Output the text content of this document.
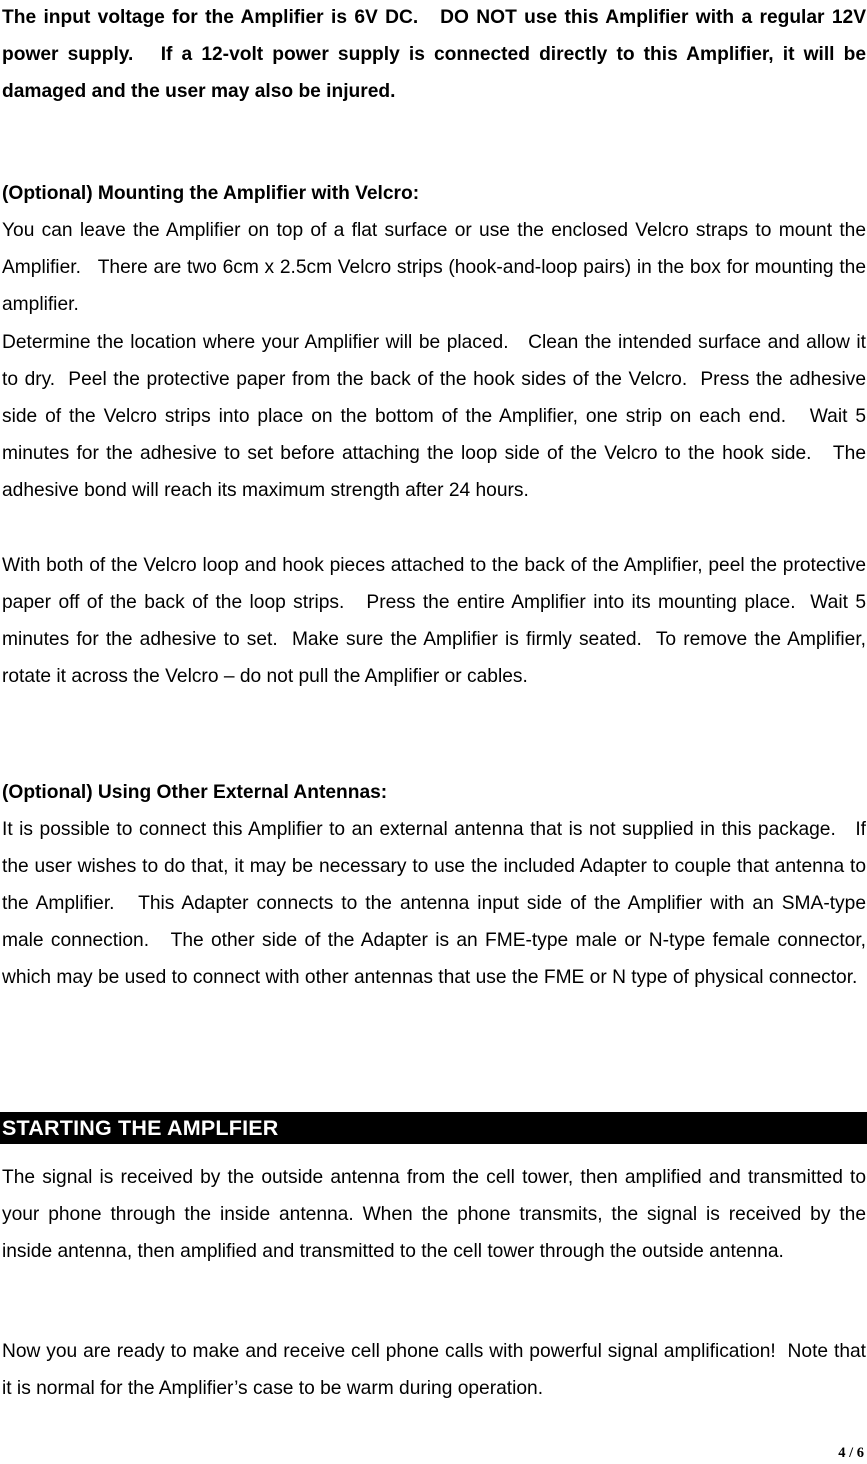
The input voltage for the Amplifier is 6V DC.   DO NOT use this Amplifier with a regular 12V power supply.   If a 12-volt power supply is connected directly to this Amplifier, it will be damaged and the user may also be injured.

(Optional) Mounting the Amplifier with Velcro:

You can leave the Amplifier on top of a flat surface or use the enclosed Velcro straps to mount the Amplifier.   There are two 6cm x 2.5cm Velcro strips (hook-and-loop pairs) in the box for mounting the amplifier.

Determine the location where your Amplifier will be placed.   Clean the intended surface and allow it to dry.  Peel the protective paper from the back of the hook sides of the Velcro.  Press the adhesive side of the Velcro strips into place on the bottom of the Amplifier, one strip on each end.   Wait 5 minutes for the adhesive to set before attaching the loop side of the Velcro to the hook side.   The adhesive bond will reach its maximum strength after 24 hours.

With both of the Velcro loop and hook pieces attached to the back of the Amplifier, peel the protective paper off of the back of the loop strips.   Press the entire Amplifier into its mounting place.  Wait 5 minutes for the adhesive to set.  Make sure the Amplifier is firmly seated.  To remove the Amplifier, rotate it across the Velcro – do not pull the Amplifier or cables.

(Optional) Using Other External Antennas:

It is possible to connect this Amplifier to an external antenna that is not supplied in this package.   If the user wishes to do that, it may be necessary to use the included Adapter to couple that antenna to the Amplifier.   This Adapter connects to the antenna input side of the Amplifier with an SMA-type male connection.   The other side of the Adapter is an FME-type male or N-type female connector, which may be used to connect with other antennas that use the FME or N type of physical connector.

STARTING THE AMPLFIER

The signal is received by the outside antenna from the cell tower, then amplified and transmitted to your phone through the inside antenna. When the phone transmits, the signal is received by the inside antenna, then amplified and transmitted to the cell tower through the outside antenna.

Now you are ready to make and receive cell phone calls with powerful signal amplification!  Note that it is normal for the Amplifier’s case to be warm during operation.

4 / 6
